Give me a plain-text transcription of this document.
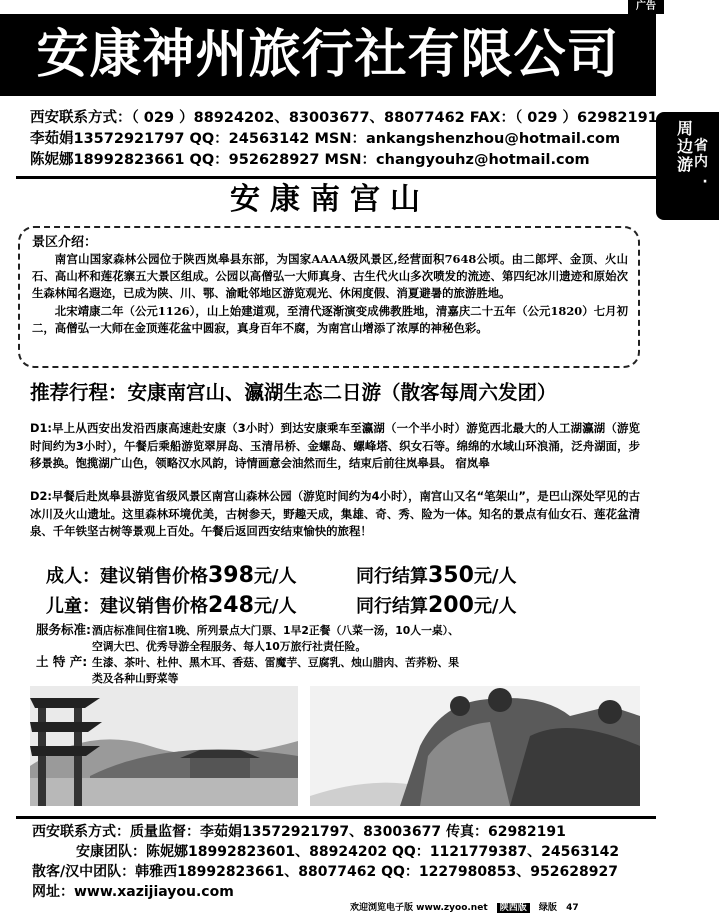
广告
安康神州旅行社有限公司
周边游
·
省内
西安联系方式：（ 029 ）88924202、83003677、88077462 FAX：（ 029 ）62982191
李茹娟13572921797 QQ：24563142 MSN：ankangshenzhou@hotmail.com
陈妮娜18992823661 QQ：952628927 MSN：changyouhz@hotmail.com
安康南宫山
景区介绍：

南宫山国家森林公园位于陕西岚皋县东部，为国家AAAA级风景区,经营面积7648公顷。由二郎坪、金顶、火山石、高山杯和莲花寨五大景区组成。公园以高僧弘一大师真身、古生代火山多次喷发的流迹、第四纪冰川遗迹和原始次生森林闻名遐迩，已成为陕、川、鄂、渝毗邻地区游览观光、休闲度假、消夏避暑的旅游胜地。

北宋靖康二年（公元1126），山上始建道观，至清代逐渐演变成佛教胜地，清嘉庆二十五年（公元1820）七月初二，高僧弘一大师在金顶莲花盆中圆寂，真身百年不腐，为南宫山增添了浓厚的神秘色彩。

推荐行程：安康南宫山、瀛湖生态二日游（散客每周六发团）

D1:早上从西安出发沿西康高速赴安康（3小时）到达安康乘车至瀛湖（一个半小时）游览西北最大的人工湖瀛湖（游览时间约为3小时），午餐后乘船游览翠屏岛、玉清吊桥、金螺岛、螺峰塔、织女石等。绵绵的水域山环浪涌，泛舟湖面，步移景换。饱揽湖广山色，领略汉水风韵，诗情画意会油然而生，结束后前往岚皋县。 宿岚皋

D2:早餐后赴岚皋县游览省级风景区南宫山森林公园（游览时间约为4小时），南宫山又名“笔架山”，是巴山深处罕见的古冰川及火山遗址。这里森林环境优美，古树参天，野趣天成，集雄、奇、秀、险为一体。知名的景点有仙女石、莲花盆清泉、千年铁坚古树等景观上百处。午餐后返回西安结束愉快的旅程！

成人：建议销售价格398元/人	同行结算350元/人
儿童：建议销售价格248元/人	同行结算200元/人
服务标准:酒店标准间住宿1晚、所列景点大门票、1早2正餐（八菜一汤，10人一桌）、
空调大巴、优秀导游全程服务、每人10万旅行社责任险。
土 特 产: 生漆、茶叶、杜仲、黑木耳、香菇、雷魔芋、豆腐乳、烛山腊肉、苦荞粉、果
类及各种山野菜等
西安联系方式：质量监督：李茹娟13572921797、83003677 传真：62982191
安康团队：陈妮娜18992823601、88924202 QQ：1121779387、24563142
散客/汉中团队：韩雅西18992823661、88077462 QQ：1227980853、952628927
网址：www.xazijiayou.com
欢迎浏览电子版 www.zyoo.net 陕西版 绿版 47
